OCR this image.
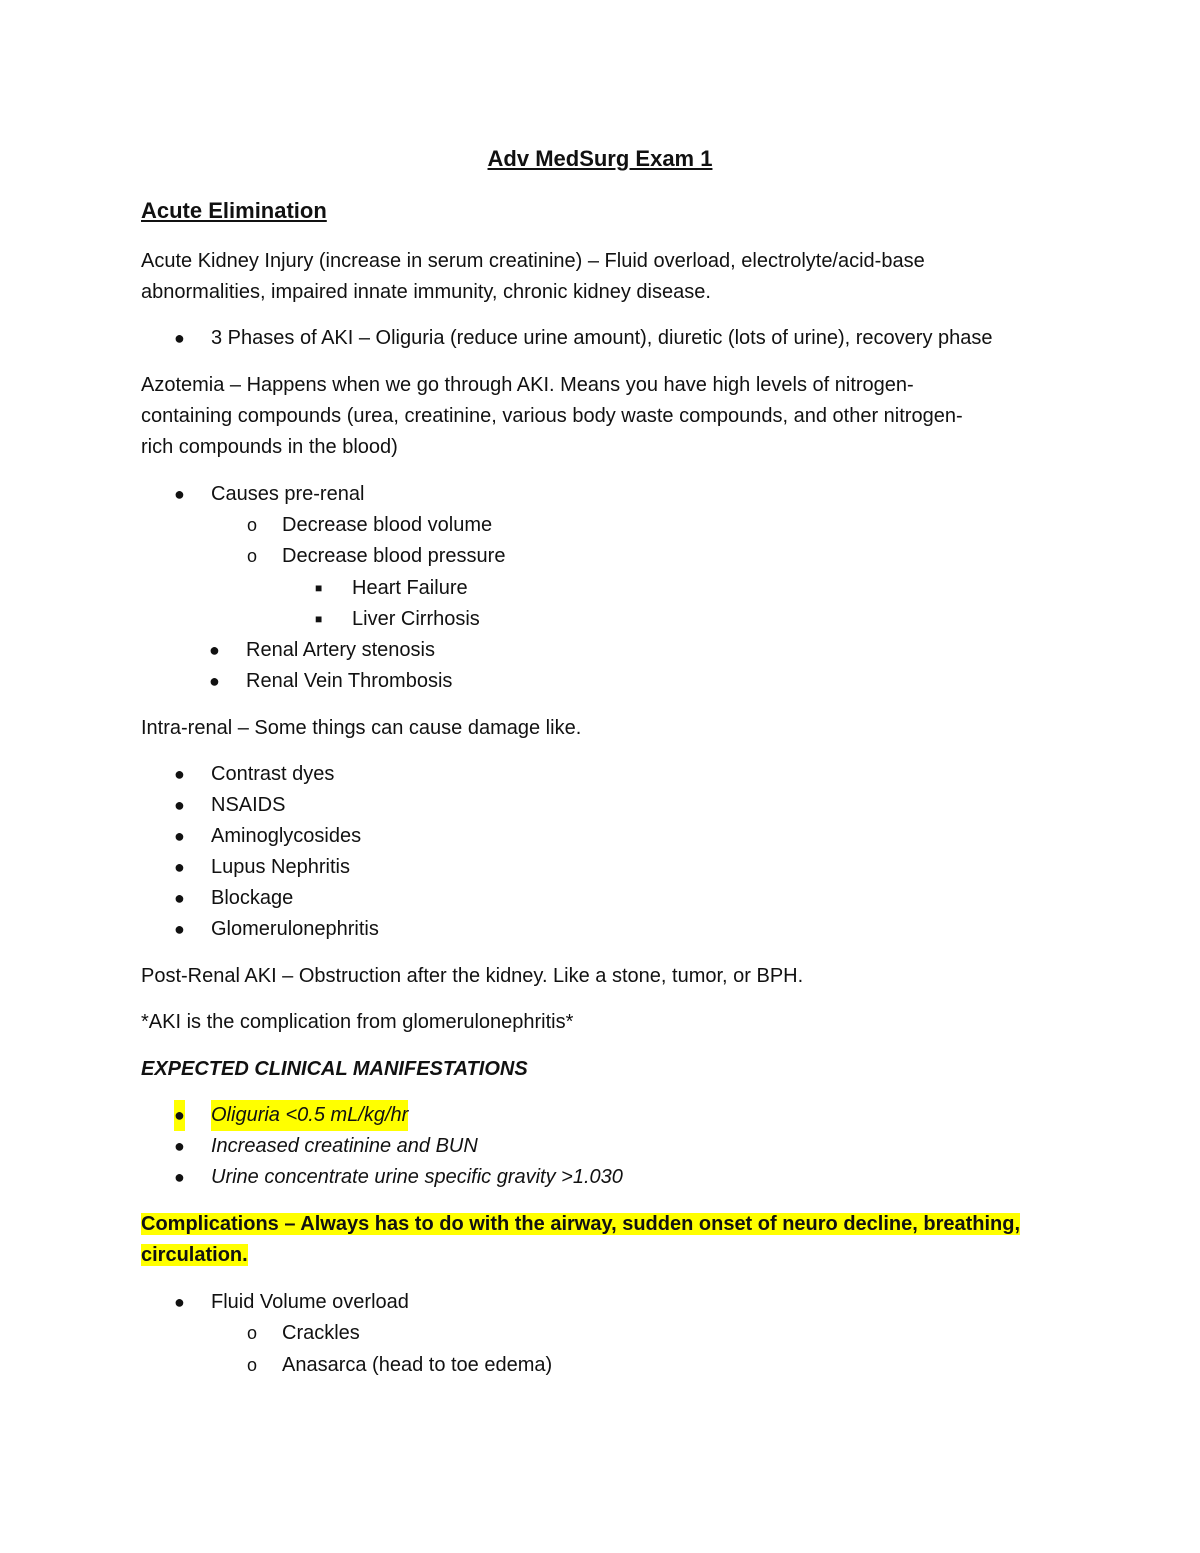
Adv MedSurg Exam 1
Acute Elimination
Acute Kidney Injury (increase in serum creatinine) – Fluid overload, electrolyte/acid-base
abnormalities, impaired innate immunity, chronic kidney disease.
● 3 Phases of AKI – Oliguria (reduce urine amount), diuretic (lots of urine), recovery phase
Azotemia – Happens when we go through AKI. Means you have high levels of nitrogen-
containing compounds (urea, creatinine, various body waste compounds, and other nitrogen-
rich compounds in the blood)
● Causes pre-renal
o Decrease blood volume
o Decrease blood pressure
■ Heart Failure
■ Liver Cirrhosis
● Renal Artery stenosis
● Renal Vein Thrombosis
Intra-renal – Some things can cause damage like.
● Contrast dyes
● NSAIDS
● Aminoglycosides
● Lupus Nephritis
● Blockage
● Glomerulonephritis
Post-Renal AKI – Obstruction after the kidney. Like a stone, tumor, or BPH.
*AKI is the complication from glomerulonephritis*
EXPECTED CLINICAL MANIFESTATIONS
● Oliguria <0.5 mL/kg/hr
● Increased creatinine and BUN
● Urine concentrate urine specific gravity >1.030
Complications – Always has to do with the airway, sudden onset of neuro decline, breathing,
circulation.
● Fluid Volume overload
o Crackles
o Anasarca (head to toe edema)
